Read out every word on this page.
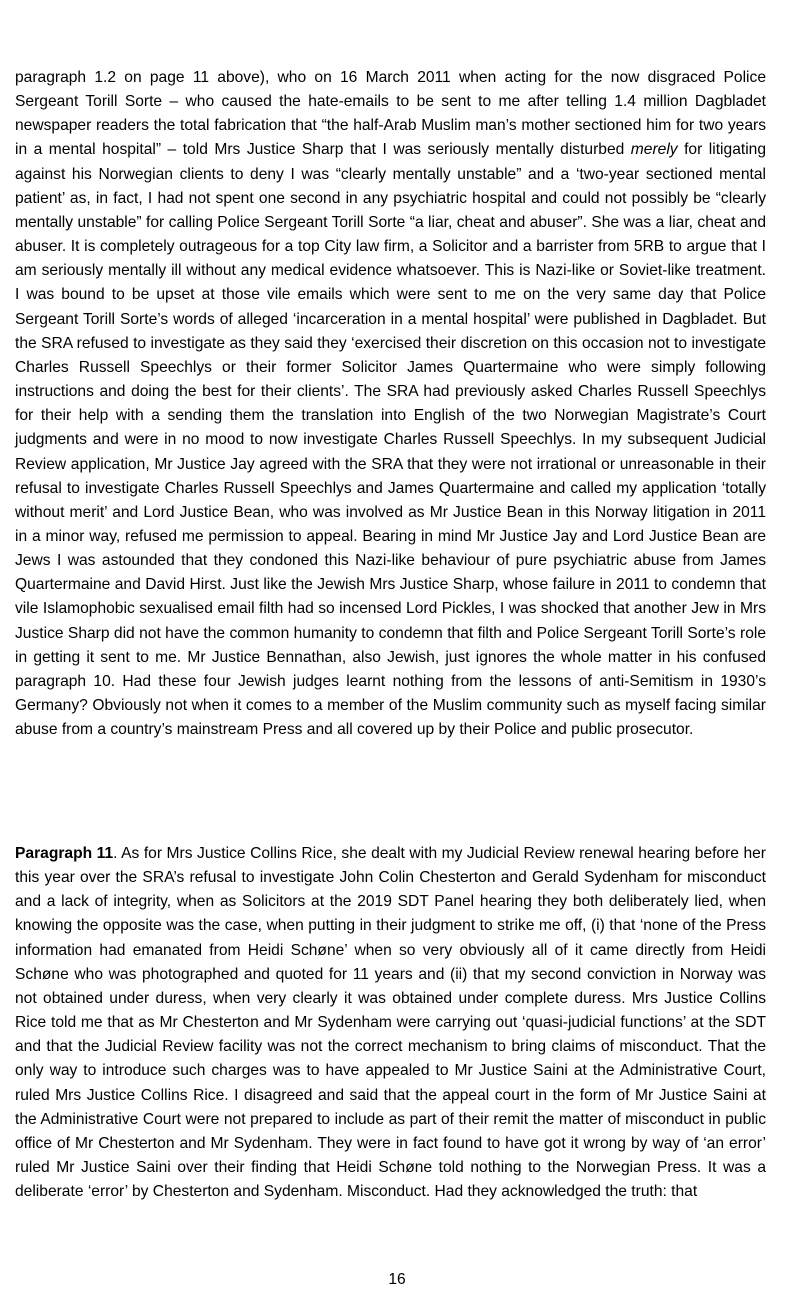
paragraph 1.2 on page 11 above), who on 16 March 2011 when acting for the now disgraced Police Sergeant Torill Sorte – who caused the hate-emails to be sent to me after telling 1.4 million Dagbladet newspaper readers the total fabrication that “the half-Arab Muslim man’s mother sectioned him for two years in a mental hospital” – told Mrs Justice Sharp that I was seriously mentally disturbed merely for litigating against his Norwegian clients to deny I was “clearly mentally unstable” and a ‘two-year sectioned mental patient’ as, in fact, I had not spent one second in any psychiatric hospital and could not possibly be “clearly mentally unstable” for calling Police Sergeant Torill Sorte “a liar, cheat and abuser”. She was a liar, cheat and abuser. It is completely outrageous for a top City law firm, a Solicitor and a barrister from 5RB to argue that I am seriously mentally ill without any medical evidence whatsoever. This is Nazi-like or Soviet-like treatment. I was bound to be upset at those vile emails which were sent to me on the very same day that Police Sergeant Torill Sorte’s words of alleged ‘incarceration in a mental hospital’ were published in Dagbladet. But the SRA refused to investigate as they said they ‘exercised their discretion on this occasion not to investigate Charles Russell Speechlys or their former Solicitor James Quartermaine who were simply following instructions and doing the best for their clients’. The SRA had previously asked Charles Russell Speechlys for their help with a sending them the translation into English of the two Norwegian Magistrate’s Court judgments and were in no mood to now investigate Charles Russell Speechlys. In my subsequent Judicial Review application, Mr Justice Jay agreed with the SRA that they were not irrational or unreasonable in their refusal to investigate Charles Russell Speechlys and James Quartermaine and called my application ‘totally without merit’ and Lord Justice Bean, who was involved as Mr Justice Bean in this Norway litigation in 2011 in a minor way, refused me permission to appeal. Bearing in mind Mr Justice Jay and Lord Justice Bean are Jews I was astounded that they condoned this Nazi-like behaviour of pure psychiatric abuse from James Quartermaine and David Hirst. Just like the Jewish Mrs Justice Sharp, whose failure in 2011 to condemn that vile Islamophobic sexualised email filth had so incensed Lord Pickles, I was shocked that another Jew in Mrs Justice Sharp did not have the common humanity to condemn that filth and Police Sergeant Torill Sorte’s role in getting it sent to me. Mr Justice Bennathan, also Jewish, just ignores the whole matter in his confused paragraph 10. Had these four Jewish judges learnt nothing from the lessons of anti-Semitism in 1930’s Germany? Obviously not when it comes to a member of the Muslim community such as myself facing similar abuse from a country’s mainstream Press and all covered up by their Police and public prosecutor.

Paragraph 11. As for Mrs Justice Collins Rice, she dealt with my Judicial Review renewal hearing before her this year over the SRA’s refusal to investigate John Colin Chesterton and Gerald Sydenham for misconduct and a lack of integrity, when as Solicitors at the 2019 SDT Panel hearing they both deliberately lied, when knowing the opposite was the case, when putting in their judgment to strike me off, (i) that ‘none of the Press information had emanated from Heidi Schøne’ when so very obviously all of it came directly from Heidi Schøne who was photographed and quoted for 11 years and (ii) that my second conviction in Norway was not obtained under duress, when very clearly it was obtained under complete duress. Mrs Justice Collins Rice told me that as Mr Chesterton and Mr Sydenham were carrying out ‘quasi-judicial functions’ at the SDT and that the Judicial Review facility was not the correct mechanism to bring claims of misconduct. That the only way to introduce such charges was to have appealed to Mr Justice Saini at the Administrative Court, ruled Mrs Justice Collins Rice. I disagreed and said that the appeal court in the form of Mr Justice Saini at the Administrative Court were not prepared to include as part of their remit the matter of misconduct in public office of Mr Chesterton and Mr Sydenham. They were in fact found to have got it wrong by way of ‘an error’ ruled Mr Justice Saini over their finding that Heidi Schøne told nothing to the Norwegian Press. It was a deliberate ‘error’ by Chesterton and Sydenham. Misconduct. Had they acknowledged the truth: that

16
